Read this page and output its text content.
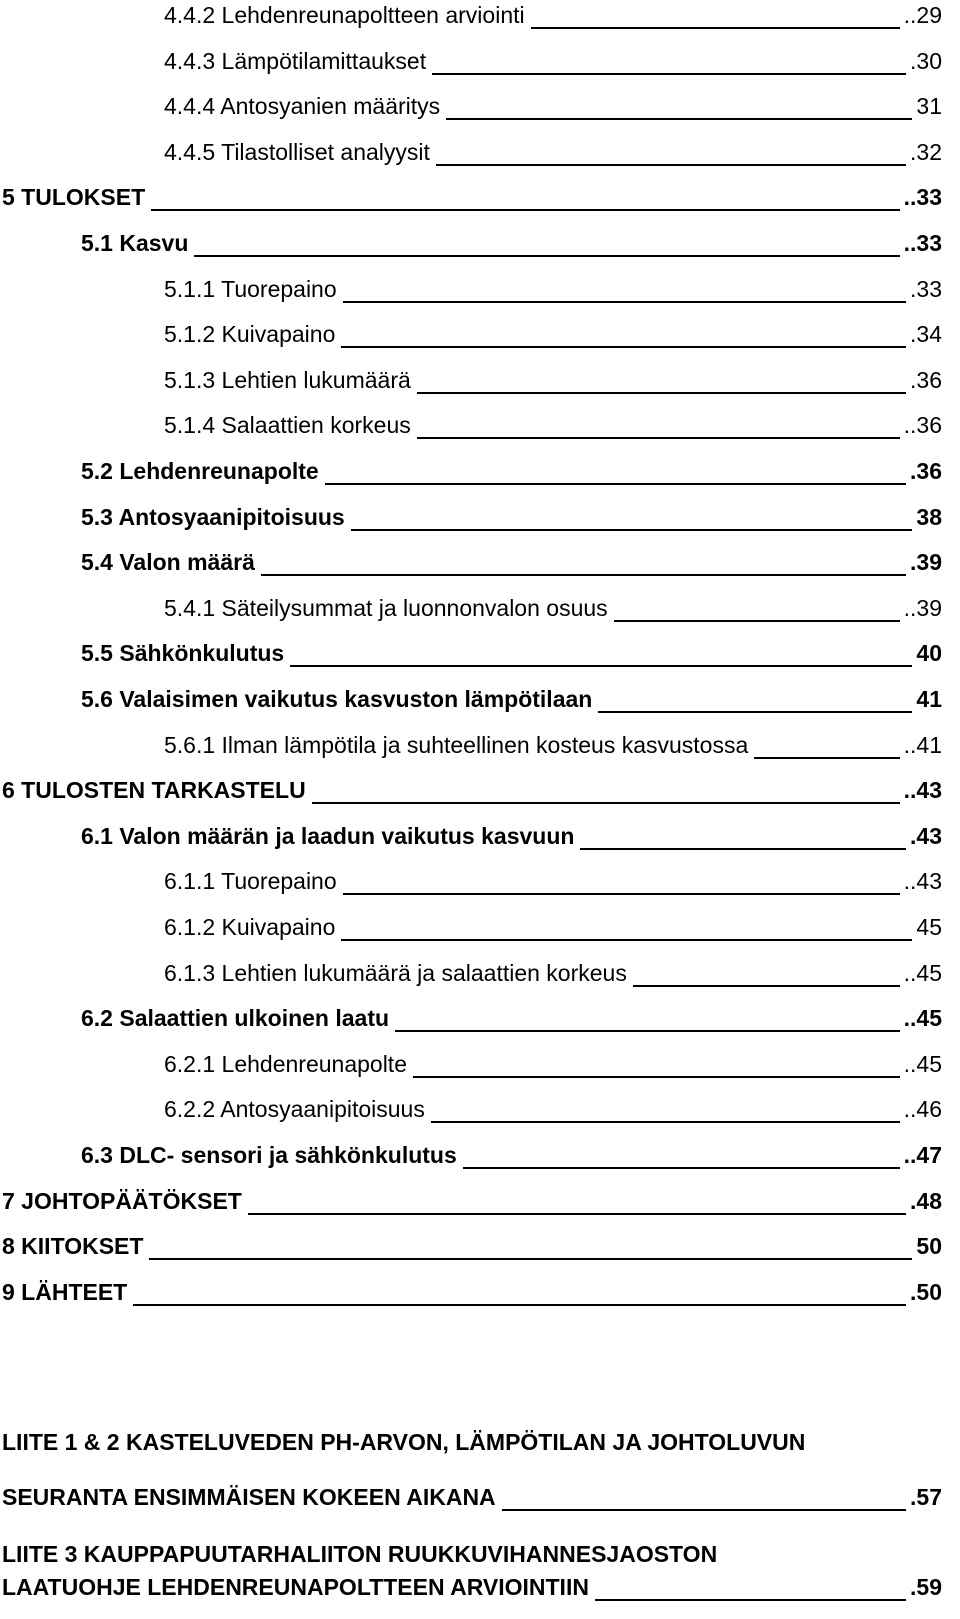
4.4.2 Lehdenreunapoltteen arviointi	..29
4.4.3 Lämpötilamittaukset	.30
4.4.4 Antosyanien määritys	31
4.4.5 Tilastolliset analyysit	.32
5 TULOKSET	..33
5.1 Kasvu	..33
5.1.1 Tuorepaino	.33
5.1.2 Kuivapaino	.34
5.1.3 Lehtien lukumäärä	.36
5.1.4 Salaattien korkeus	..36
5.2 Lehdenreunapolte	.36
5.3 Antosyaanipitoisuus	38
5.4 Valon määrä	.39
5.4.1 Säteilysummat ja luonnonvalon osuus	..39
5.5 Sähkönkulutus	40
5.6 Valaisimen vaikutus kasvuston lämpötilaan	41
5.6.1 Ilman lämpötila ja suhteellinen kosteus kasvustossa	..41
6 TULOSTEN TARKASTELU	..43
6.1 Valon määrän ja laadun vaikutus kasvuun	.43
6.1.1 Tuorepaino	..43
6.1.2 Kuivapaino	45
6.1.3 Lehtien lukumäärä ja salaattien korkeus	..45
6.2 Salaattien ulkoinen laatu	..45
6.2.1 Lehdenreunapolte	..45
6.2.2 Antosyaanipitoisuus	..46
6.3 DLC- sensori ja sähkönkulutus	..47
7 JOHTOPÄÄTÖKSET	.48
8 KIITOKSET	50
9 LÄHTEET	.50
LIITE 1 & 2 KASTELUVEDEN PH-ARVON, LÄMPÖTILAN JA JOHTOLUVUN
SEURANTA ENSIMMÄISEN KOKEEN AIKANA	.57
LIITE 3 KAUPPAPUUTARHALIITON RUUKKUVIHANNESJAOSTON
LAATUOHJE LEHDENREUNAPOLTTEEN ARVIOINTIIN	.59
